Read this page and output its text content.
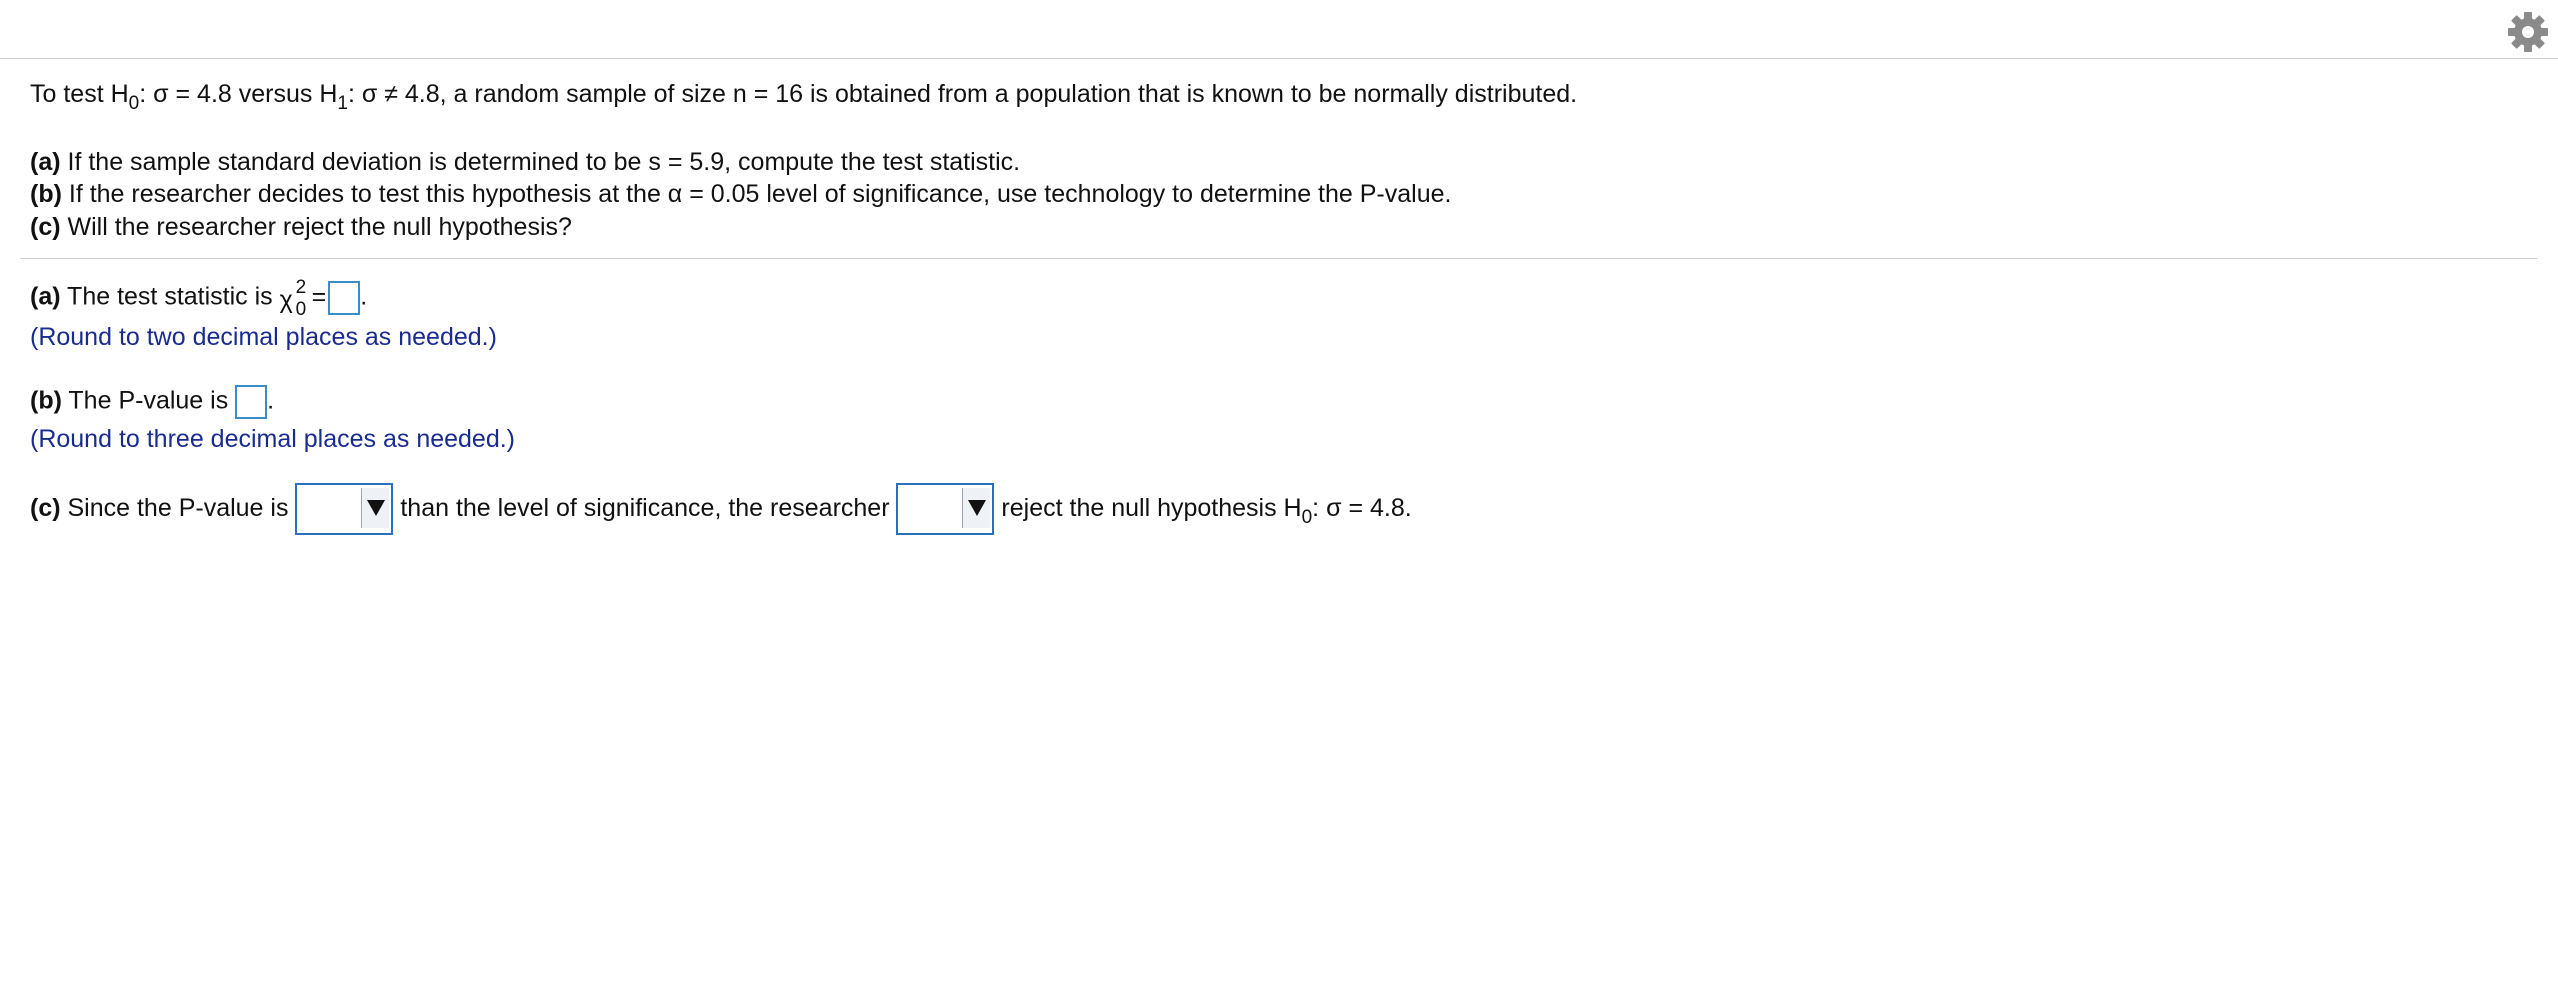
To test $H_0$: σ = 4.8 versus $H_1$: σ ≠ 4.8, a random sample of size n = 16 is obtained from a population that is known to be normally distributed.
(a) If the sample standard deviation is determined to be s = 5.9, compute the test statistic.
(b) If the researcher decides to test this hypothesis at the α = 0.05 level of significance, use technology to determine the P-value.
(c) Will the researcher reject the null hypothesis?
(a) The test statistic is χ 2
0 = .
(Round to two decimal places as needed.)
(b) The P-value is .
(Round to three decimal places as needed.)
(c) Since the P-value is	than the level of significance, the researcher	reject the null hypothesis $H_0$: σ = 4.8.
